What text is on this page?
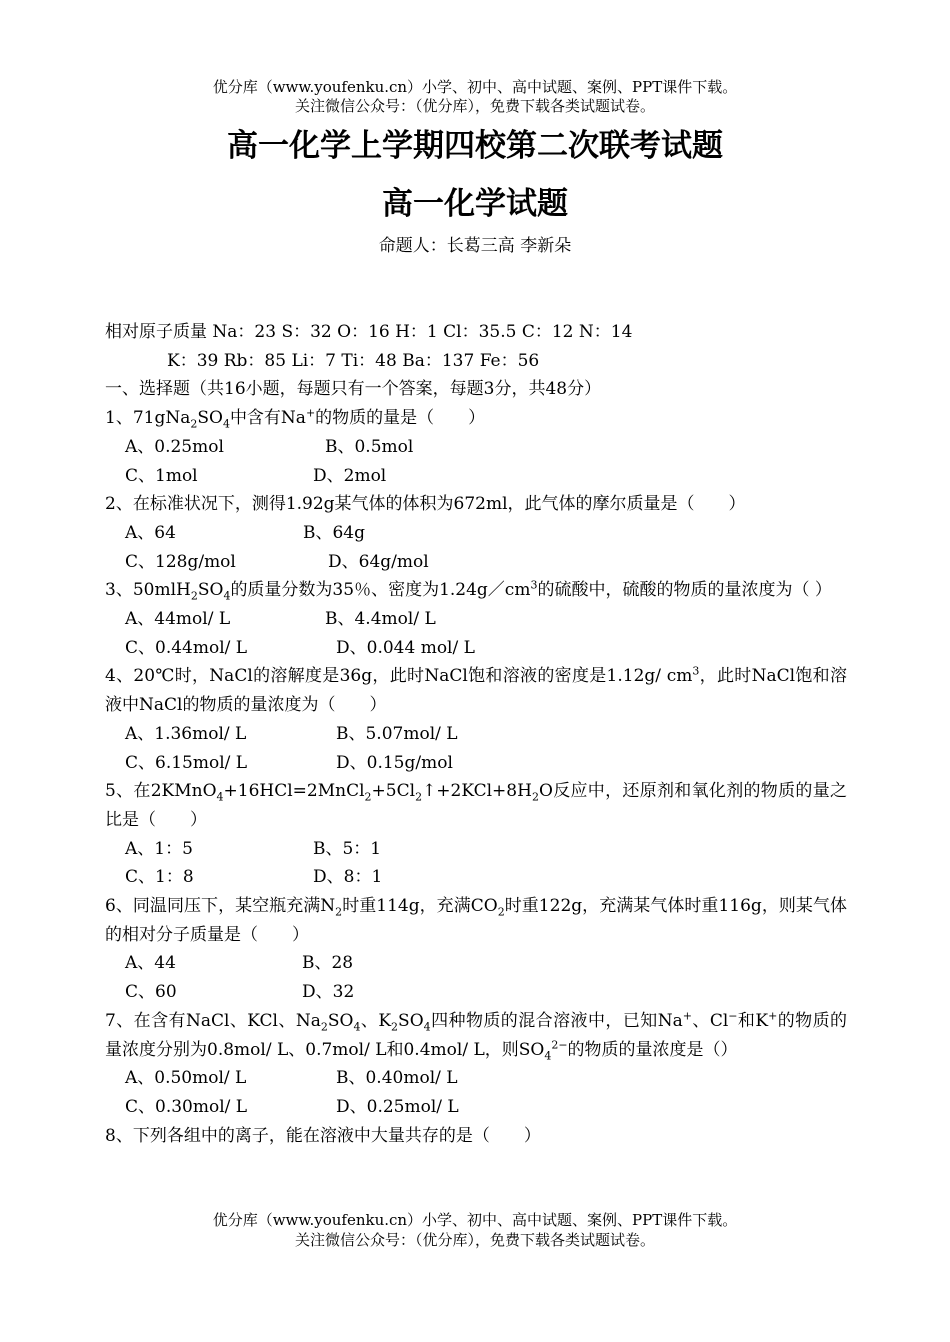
优分库（www.youfenku.cn）小学、初中、高中试题、案例、PPT课件下载。
关注微信公众号：（优分库），免费下载各类试题试卷。
高一化学上学期四校第二次联考试题
高一化学试题
命题人：长葛三高 李新朵
相对原子质量 Na：23 S：32 O：16 H：1 Cl：35.5 C：12 N：14
K：39 Rb：85 Li：7 Ti：48 Ba：137 Fe：56
一、选择题（共16小题，每题只有一个答案，每题3分，共48分）
1、$71gNa_2SO_4$中含有Na+的物质的量是（　　）
A、0.25mol	B、0.5mol
C、1mol	D、2mol
2、在标准状况下，测得1.92g某气体的体积为672ml，此气体的摩尔质量是（　　）
A、64	B、64g
C、128g/mol	D、64g/mol
3、$50mlH_2SO_4$的质量分数为35％、密度为$1.24g/cm^3$的硫酸中，硫酸的物质的量浓度为（ ）
A、44mol/ L	B、4.4mol/ L
C、0.44mol/ L	D、0.044 mol/ L
4、20℃时，NaCl的溶解度是36g，此时NaCl饱和溶液的密度是1.12g/ $cm^3$，此时NaCl饱和溶液中NaCl的物质的量浓度为（　　）
A、1.36mol/ L	B、5.07mol/ L
C、6.15mol/ L	D、0.15g/mol
5、在$2KMnO_4+16HCl=2MnCl_2+5Cl_2↑+2KCl+8H_2O$反应中，还原剂和氧化剂的物质的量之比是（　　）
A、1：5	B、5：1
C、1：8	D、8：1
6、同温同压下，某空瓶充满$N_2$时重114g，充满$CO_2$时重122g，充满某气体时重116g，则某气体的相对分子质量是（　　）
A、44	B、28
C、60	D、32
7、在含有NaCl、KCl、$Na_2SO_4$、$K_2SO_4$四种物质的混合溶液中，已知Na+、Cl−和K+的物质的量浓度分别为0.8mol/ L、0.7mol/ L和0.4mol/ L，则$SO_4^{2-}$的物质的量浓度是（）
A、0.50mol/ L	B、0.40mol/ L
C、0.30mol/ L	D、0.25mol/ L
8、下列各组中的离子，能在溶液中大量共存的是（　　）
优分库（www.youfenku.cn）小学、初中、高中试题、案例、PPT课件下载。
关注微信公众号：（优分库），免费下载各类试题试卷。
